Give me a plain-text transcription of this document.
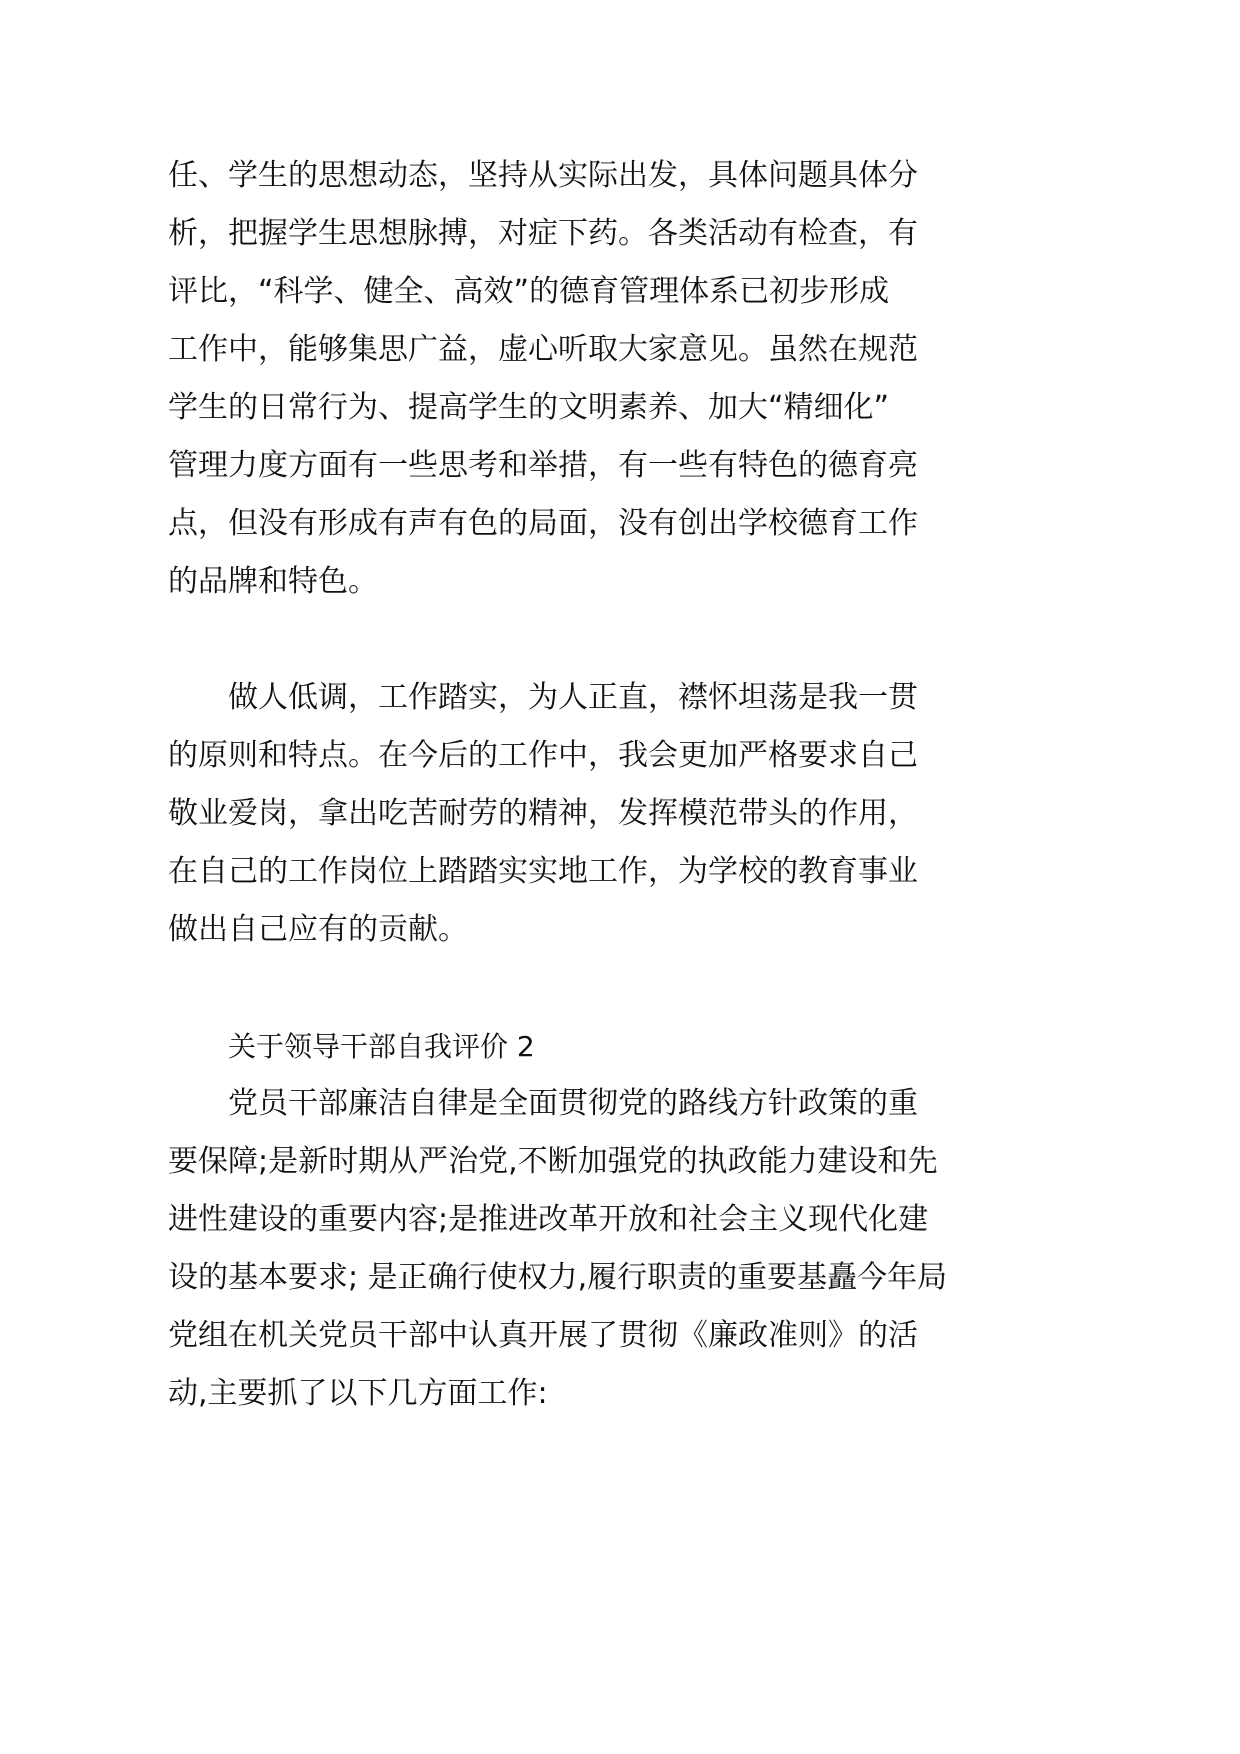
任、学生的思想动态，坚持从实际出发，具体问题具体分
析，把握学生思想脉搏，对症下药。各类活动有检查，有
评比，“科学、健全、高效”的德育管理体系已初步形成
工作中，能够集思广益，虚心听取大家意见。虽然在规范
学生的日常行为、提高学生的文明素养、加大“精细化”
管理力度方面有一些思考和举措，有一些有特色的德育亮
点，但没有形成有声有色的局面，没有创出学校德育工作
的品牌和特色。
做人低调，工作踏实，为人正直，襟怀坦荡是我一贯
的原则和特点。在今后的工作中，我会更加严格要求自己
敬业爱岗，拿出吃苦耐劳的精神，发挥模范带头的作用，
在自己的工作岗位上踏踏实实地工作，为学校的教育事业
做出自己应有的贡献。
关于领导干部自我评价 2
党员干部廉洁自律是全面贯彻党的路线方针政策的重
要保障;是新时期从严治党,不断加强党的执政能力建设和先
进性建设的重要内容;是推进改革开放和社会主义现代化建
设的基本要求; 是正确行使权力,履行职责的重要基矗今年局
党组在机关党员干部中认真开展了贯彻《廉政准则》的活
动,主要抓了以下几方面工作:
